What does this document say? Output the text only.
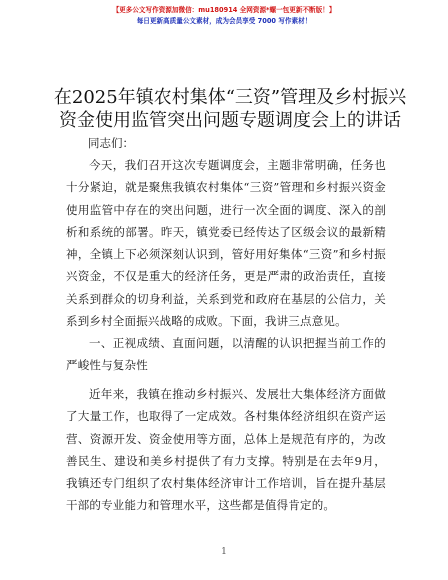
【更多公文写作资源加微信：mu180914 全网资源*螺一包更新不断版！】
每日更新高质量公文素材，成为会员享受 7000 写作素材！
在2025年镇农村集体“三资”管理及乡村振兴
资金使用监管突出问题专题调度会上的讲话
同志们：
今天，我们召开这次专题调度会，主题非常明确，任务也十分紧迫，就是聚焦我镇农村集体“三资”管理和乡村振兴资金使用监管中存在的突出问题，进行一次全面的调度、深入的剖析和系统的部署。昨天，镇党委已经传达了区级会议的最新精神，全镇上下必须深刻认识到，管好用好集体“三资”和乡村振兴资金，不仅是重大的经济任务，更是严肃的政治责任，直接关系到群众的切身利益，关系到党和政府在基层的公信力，关系到乡村全面振兴战略的成败。下面，我讲三点意见。
一、正视成绩、直面问题，以清醒的认识把握当前工作的严峻性与复杂性
近年来，我镇在推动乡村振兴、发展壮大集体经济方面做了大量工作，也取得了一定成效。各村集体经济组织在资产运营、资源开发、资金使用等方面，总体上是规范有序的，为改善民生、建设和美乡村提供了有力支撑。特别是在去年9月，我镇还专门组织了农村集体经济审计工作培训，旨在提升基层干部的专业能力和管理水平，这些都是值得肯定的。
1
